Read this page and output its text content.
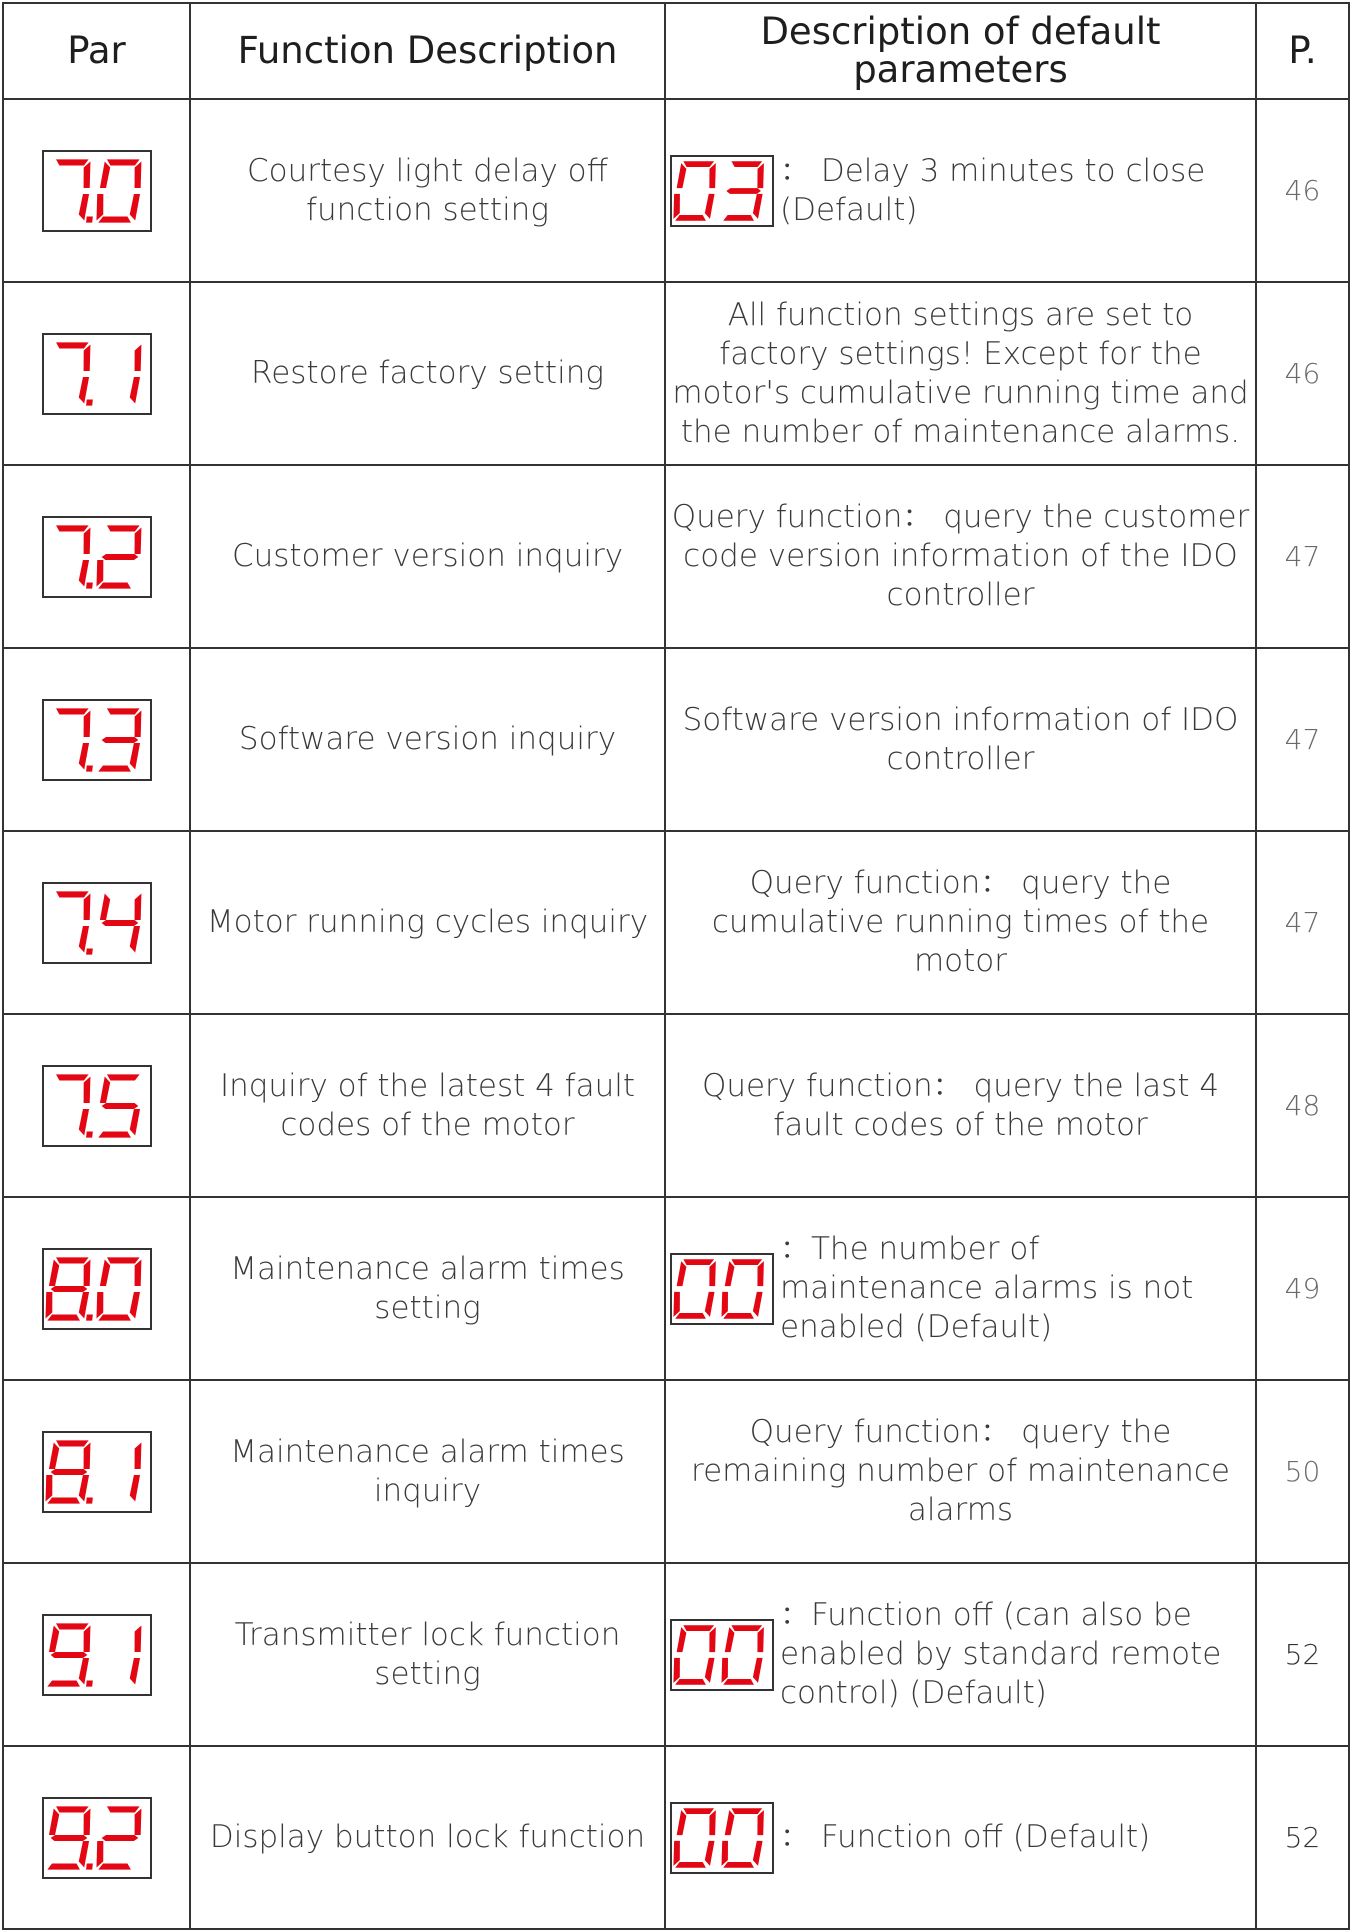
Par	Function Description	Description of default parameters	P.

	Courtesy light delay off function setting	： Delay 3 minutes to close (Default)	46

	Restore factory setting	All function settings are set to factory settings! Except for the motor's cumulative running time and the number of maintenance alarms.	46

	Customer version inquiry	Query function： query the customer code version information of the IDO controller	47

	Software version inquiry	Software version information of IDO controller	47

	Motor running cycles inquiry	Query function： query the cumulative running times of the motor	47

	Inquiry of the latest 4 fault codes of the motor	Query function： query the last 4 fault codes of the motor	48

	Maintenance alarm times setting	：The number of maintenance alarms is not enabled (Default)	49

	Maintenance alarm times inquiry	Query function： query the remaining number of maintenance alarms	50

	Transmitter lock function setting	：Function off (can also be enabled by standard remote control) (Default)	52

	Display button lock function	： Function off (Default)	52
